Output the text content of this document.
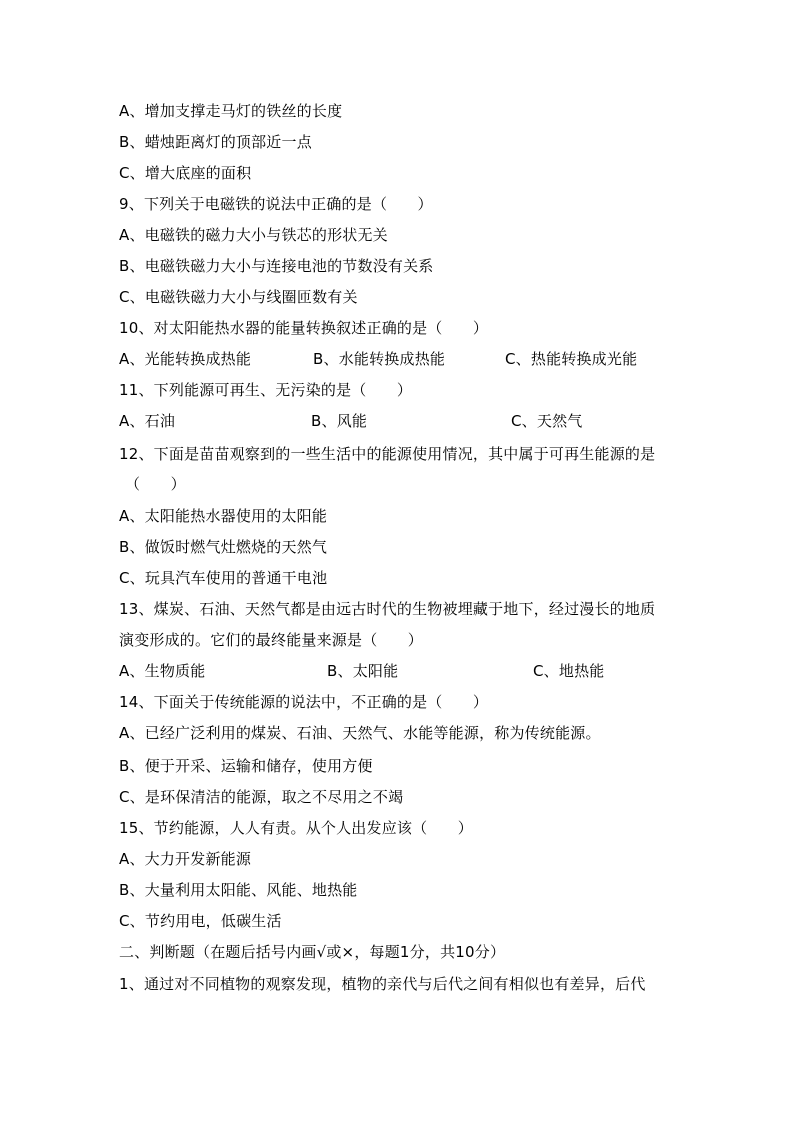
A、增加支撑走马灯的铁丝的长度
B、蜡烛距离灯的顶部近一点
C、增大底座的面积
9、下列关于电磁铁的说法中正确的是（　　）
A、电磁铁的磁力大小与铁芯的形状无关
B、电磁铁磁力大小与连接电池的节数没有关系
C、电磁铁磁力大小与线圈匝数有关
10、对太阳能热水器的能量转换叙述正确的是（　　）
A、光能转换成热能	B、水能转换成热能	C、热能转换成光能
11、下列能源可再生、无污染的是（　　）
A、石油	B、风能	C、天然气
12、下面是苗苗观察到的一些生活中的能源使用情况，其中属于可再生能源的是
（　　）
A、太阳能热水器使用的太阳能
B、做饭时燃气灶燃烧的天然气
C、玩具汽车使用的普通干电池
13、煤炭、石油、天然气都是由远古时代的生物被埋藏于地下，经过漫长的地质
演变形成的。它们的最终能量来源是（　　）
A、生物质能	B、太阳能	C、地热能
14、下面关于传统能源的说法中，不正确的是（　　）
A、已经广泛利用的煤炭、石油、天然气、水能等能源，称为传统能源。
B、便于开采、运输和储存，使用方便
C、是环保清洁的能源，取之不尽用之不竭
15、节约能源，人人有责。从个人出发应该（　　）
A、大力开发新能源
B、大量利用太阳能、风能、地热能
C、节约用电，低碳生活
二、判断题（在题后括号内画√或×，每题1分，共10分）
1、通过对不同植物的观察发现，植物的亲代与后代之间有相似也有差异，后代
